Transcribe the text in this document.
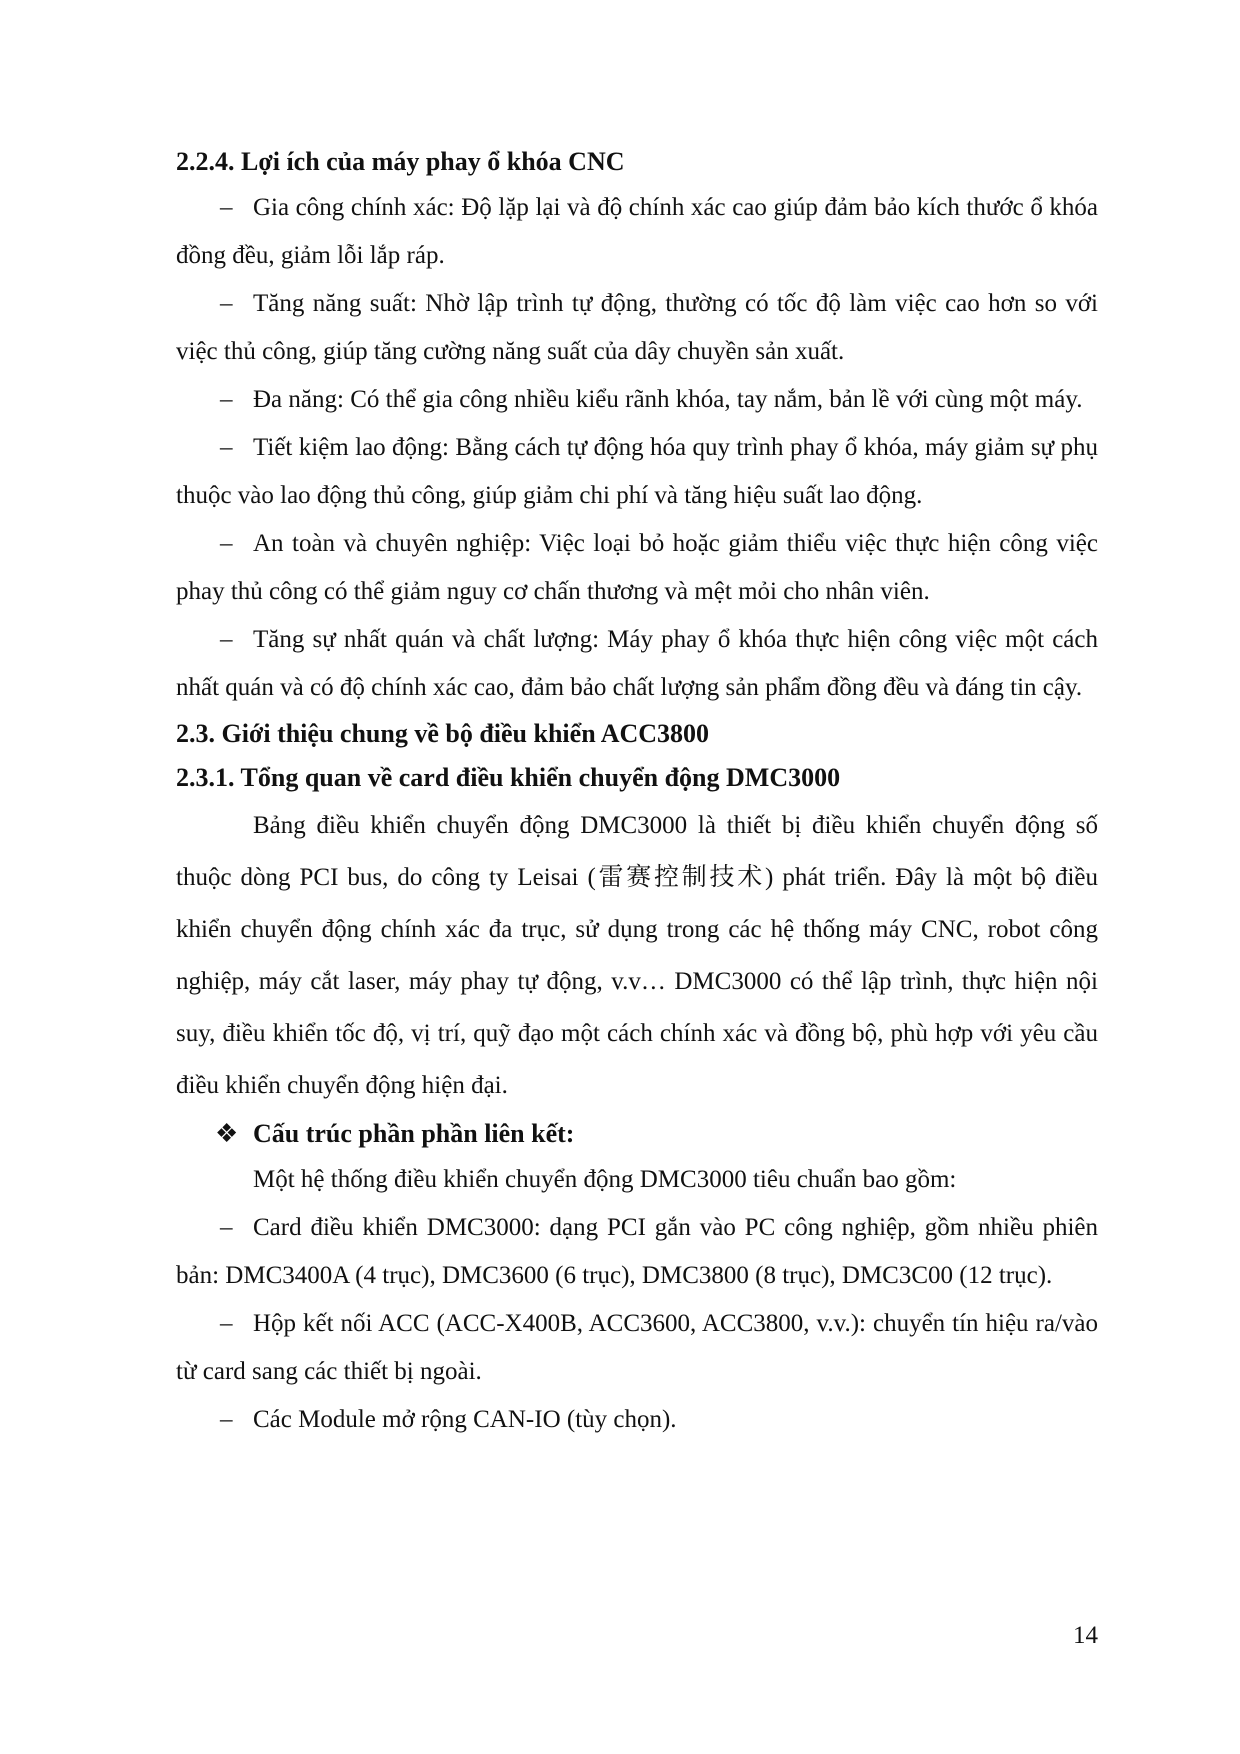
2.2.4. Lợi ích của máy phay ổ khóa CNC

– Gia công chính xác: Độ lặp lại và độ chính xác cao giúp đảm bảo kích thước ổ khóa đồng đều, giảm lỗi lắp ráp.

– Tăng năng suất: Nhờ lập trình tự động, thường có tốc độ làm việc cao hơn so với việc thủ công, giúp tăng cường năng suất của dây chuyền sản xuất.

– Đa năng: Có thể gia công nhiều kiểu rãnh khóa, tay nắm, bản lề với cùng một máy.

– Tiết kiệm lao động: Bằng cách tự động hóa quy trình phay ổ khóa, máy giảm sự phụ thuộc vào lao động thủ công, giúp giảm chi phí và tăng hiệu suất lao động.

– An toàn và chuyên nghiệp: Việc loại bỏ hoặc giảm thiểu việc thực hiện công việc phay thủ công có thể giảm nguy cơ chấn thương và mệt mỏi cho nhân viên.

– Tăng sự nhất quán và chất lượng: Máy phay ổ khóa thực hiện công việc một cách nhất quán và có độ chính xác cao, đảm bảo chất lượng sản phẩm đồng đều và đáng tin cậy.

2.3. Giới thiệu chung về bộ điều khiển ACC3800

2.3.1. Tổng quan về card điều khiển chuyển động DMC3000

Bảng điều khiển chuyển động DMC3000 là thiết bị điều khiển chuyển động số thuộc dòng PCI bus, do công ty Leisai (雷赛控制技术) phát triển. Đây là một bộ điều khiển chuyển động chính xác đa trục, sử dụng trong các hệ thống máy CNC, robot công nghiệp, máy cắt laser, máy phay tự động, v.v… DMC3000 có thể lập trình, thực hiện nội suy, điều khiển tốc độ, vị trí, quỹ đạo một cách chính xác và đồng bộ, phù hợp với yêu cầu điều khiển chuyển động hiện đại.

❖ Cấu trúc phần phần liên kết:

Một hệ thống điều khiển chuyển động DMC3000 tiêu chuẩn bao gồm:

– Card điều khiển DMC3000: dạng PCI gắn vào PC công nghiệp, gồm nhiều phiên bản: DMC3400A (4 trục), DMC3600 (6 trục), DMC3800 (8 trục), DMC3C00 (12 trục).

– Hộp kết nối ACC (ACC-X400B, ACC3600, ACC3800, v.v.): chuyển tín hiệu ra/vào từ card sang các thiết bị ngoài.

– Các Module mở rộng CAN-IO (tùy chọn).

14
